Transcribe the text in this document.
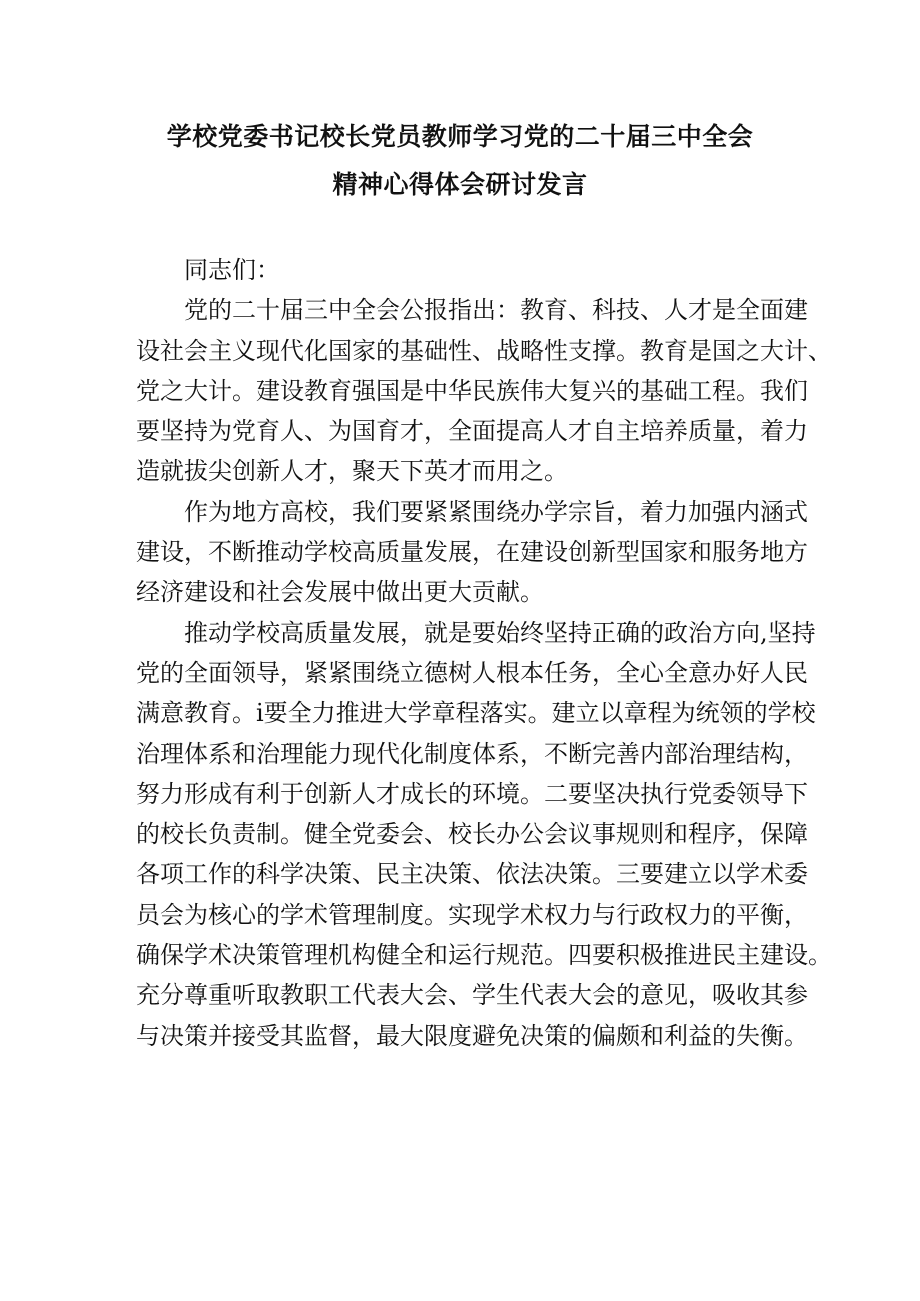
学校党委书记校长党员教师学习党的二十届三中全会
精神心得体会研讨发言

同志们：

党的二十届三中全会公报指出：教育、科技、人才是全面建
设社会主义现代化国家的基础性、战略性支撑。教育是国之大计、
党之大计。建设教育强国是中华民族伟大复兴的基础工程。我们
要坚持为党育人、为国育才，全面提高人才自主培养质量，着力
造就拔尖创新人才，聚天下英才而用之。

作为地方高校，我们要紧紧围绕办学宗旨，着力加强内涵式
建设，不断推动学校高质量发展，在建设创新型国家和服务地方
经济建设和社会发展中做出更大贡献。

推动学校高质量发展，就是要始终坚持正确的政治方向,坚持
党的全面领导，紧紧围绕立德树人根本任务，全心全意办好人民
满意教育。i要全力推进大学章程落实。建立以章程为统领的学校
治理体系和治理能力现代化制度体系，不断完善内部治理结构，
努力形成有利于创新人才成长的环境。二要坚决执行党委领导下
的校长负责制。健全党委会、校长办公会议事规则和程序，保障
各项工作的科学决策、民主决策、依法决策。三要建立以学术委
员会为核心的学术管理制度。实现学术权力与行政权力的平衡，
确保学术决策管理机构健全和运行规范。四要积极推进民主建设。
充分尊重听取教职工代表大会、学生代表大会的意见，吸收其参
与决策并接受其监督，最大限度避免决策的偏颇和利益的失衡。
